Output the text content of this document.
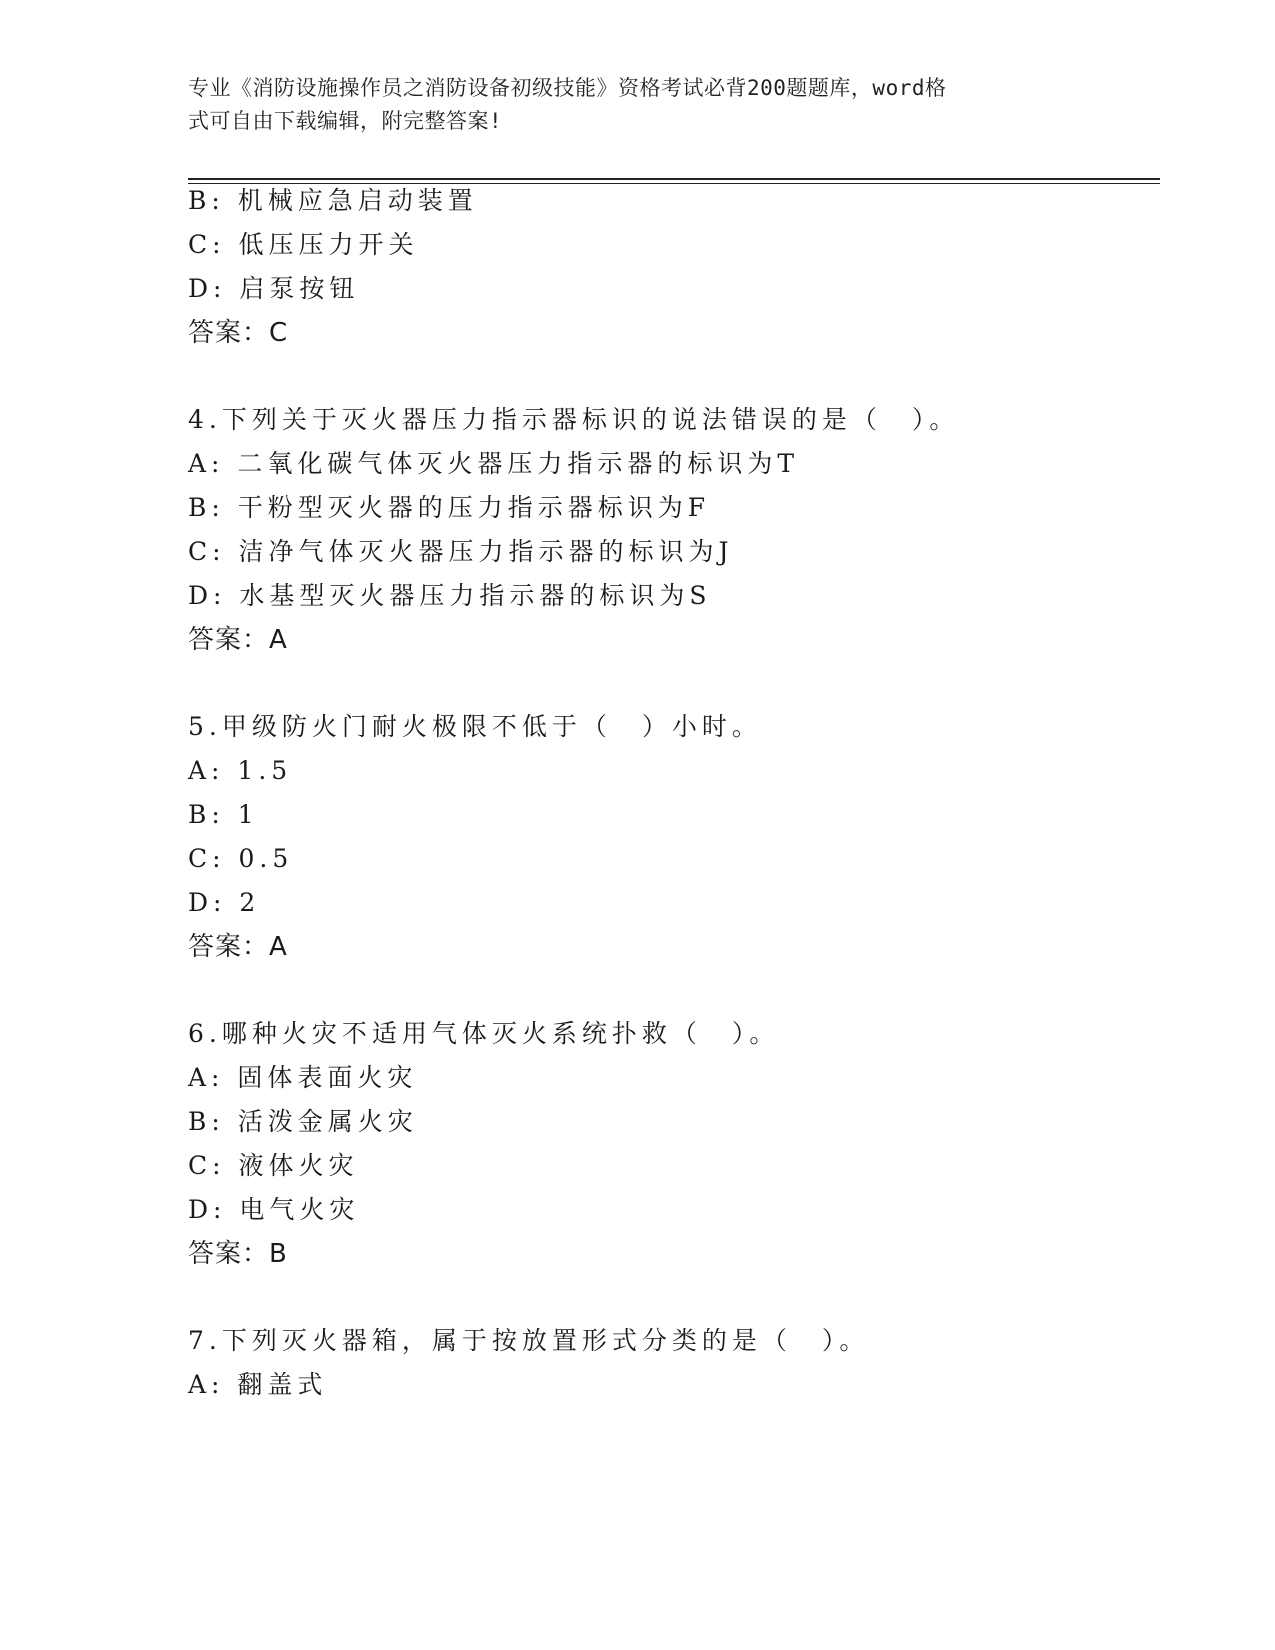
专业《消防设施操作员之消防设备初级技能》资格考试必背200题题库，word格
式可自由下载编辑，附完整答案!
B: 机械应急启动装置
C: 低压压力开关
D: 启泵按钮
答案：C
4.下列关于灭火器压力指示器标识的说法错误的是（　）。
A: 二氧化碳气体灭火器压力指示器的标识为T
B: 干粉型灭火器的压力指示器标识为F
C: 洁净气体灭火器压力指示器的标识为J
D: 水基型灭火器压力指示器的标识为S
答案：A
5.甲级防火门耐火极限不低于（　）小时。
A: 1.5
B: 1
C: 0.5
D: 2
答案：A
6.哪种火灾不适用气体灭火系统扑救（　）。
A: 固体表面火灾
B: 活泼金属火灾
C: 液体火灾
D: 电气火灾
答案：B
7.下列灭火器箱，属于按放置形式分类的是（　）。
A: 翻盖式
